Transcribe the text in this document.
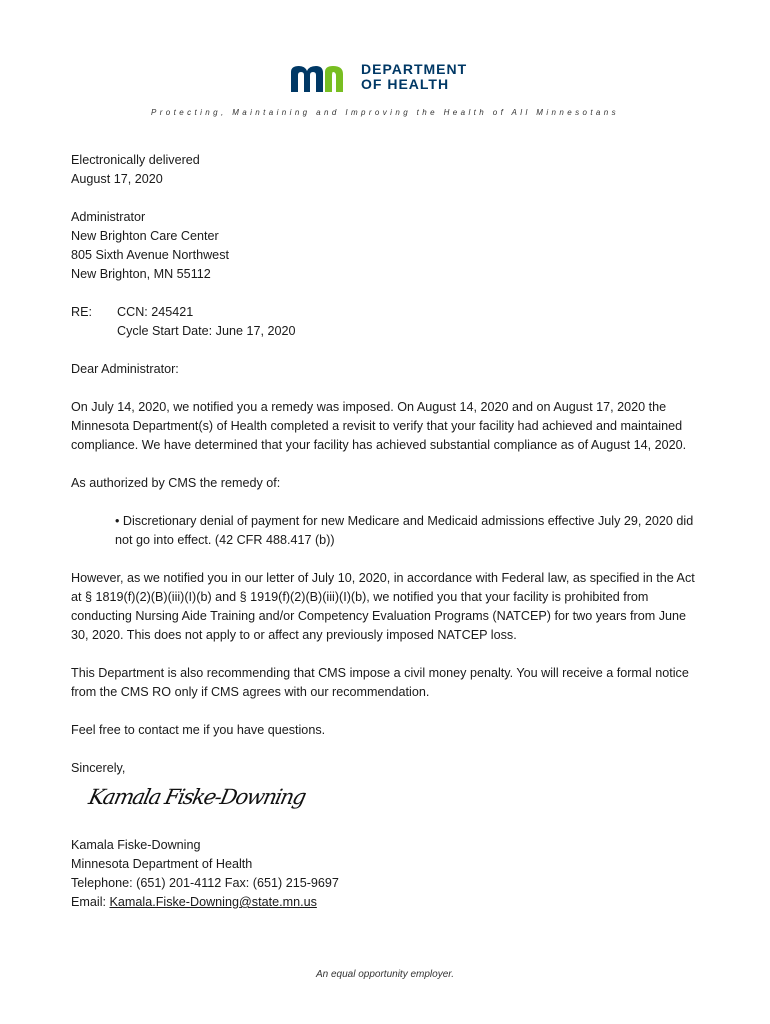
DEPARTMENT
OF HEALTH
Protecting, Maintaining and Improving the Health of All Minnesotans

Electronically delivered

August 17, 2020

Administrator

New Brighton Care Center

805 Sixth Avenue Northwest

New Brighton, MN 55112

RE:	CCN: 245421

Cycle Start Date: June 17, 2020

Dear Administrator:

On July 14, 2020, we notified you a remedy was imposed. On August 14, 2020 and on August 17, 2020 the Minnesota Department(s) of Health completed a revisit to verify that your facility had achieved and maintained compliance. We have determined that your facility has achieved substantial compliance as of August 14, 2020.

As authorized by CMS the remedy of:

• Discretionary denial of payment for new Medicare and Medicaid admissions effective July 29, 2020 did not go into effect. (42 CFR 488.417 (b))

However, as we notified you in our letter of July 10, 2020, in accordance with Federal law, as specified in the Act at § 1819(f)(2)(B)(iii)(I)(b) and § 1919(f)(2)(B)(iii)(I)(b), we notified you that your facility is prohibited from conducting Nursing Aide Training and/or Competency Evaluation Programs (NATCEP) for two years from June 30, 2020. This does not apply to or affect any previously imposed NATCEP loss.

This Department is also recommending that CMS impose a civil money penalty. You will receive a formal notice from the CMS RO only if CMS agrees with our recommendation.

Feel free to contact me if you have questions.

Sincerely,

Kamala Fiske-Downing

Kamala Fiske-Downing

Minnesota Department of Health

Telephone: (651) 201-4112 Fax: (651) 215-9697

Email: Kamala.Fiske-Downing@state.mn.us

An equal opportunity employer.
